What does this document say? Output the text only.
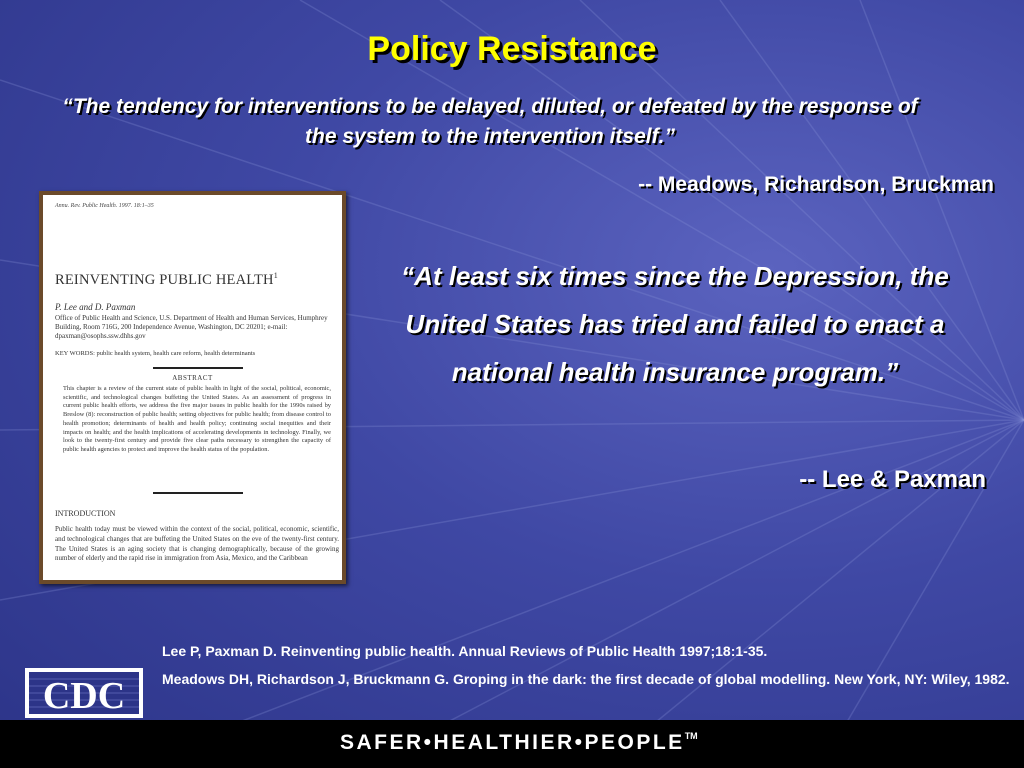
Policy Resistance
“The tendency for interventions to be delayed, diluted, or defeated by the response of the system to the intervention itself.”
-- Meadows, Richardson, Bruckman
Annu. Rev. Public Health. 1997. 18:1–35
REINVENTING PUBLIC HEALTH$^1$
P. Lee and D. Paxman
Office of Public Health and Science, U.S. Department of Health and Human Services, Humphrey Building, Room 716G, 200 Independence Avenue, Washington, DC 20201; e-mail: dpaxman@osophs.ssw.dhhs.gov
KEY WORDS: public health system, health care reform, health determinants
ABSTRACT
This chapter is a review of the current state of public health in light of the social, political, economic, scientific, and technological changes buffeting the United States. As an assessment of progress in current public health efforts, we address the five major issues in public health for the 1990s raised by Breslow (8): reconstruction of public health; setting objectives for public health; from disease control to health promotion; determinants of health and health policy; continuing social inequities and their impacts on health; and the health implications of accelerating developments in technology. Finally, we look to the twenty-first century and provide five clear paths necessary to strengthen the capacity of public health agencies to protect and improve the health status of the population.
INTRODUCTION
Public health today must be viewed within the context of the social, political, economic, scientific, and technological changes that are buffeting the United States on the eve of the twenty-first century. The United States is an aging society that is changing demographically, because of the growing number of elderly and the rapid rise in immigration from Asia, Mexico, and the Caribbean
“At least six times since the Depression, the United States has tried and failed to enact a national health insurance program.”
-- Lee & Paxman

Lee P, Paxman D. Reinventing public health. Annual Reviews of Public Health 1997;18:1-35.

Meadows DH, Richardson J, Bruckmann G. Groping in the dark: the first decade of global modelling. New York, NY: Wiley, 1982.

CDC
SAFER•HEALTHIER•PEOPLE™
